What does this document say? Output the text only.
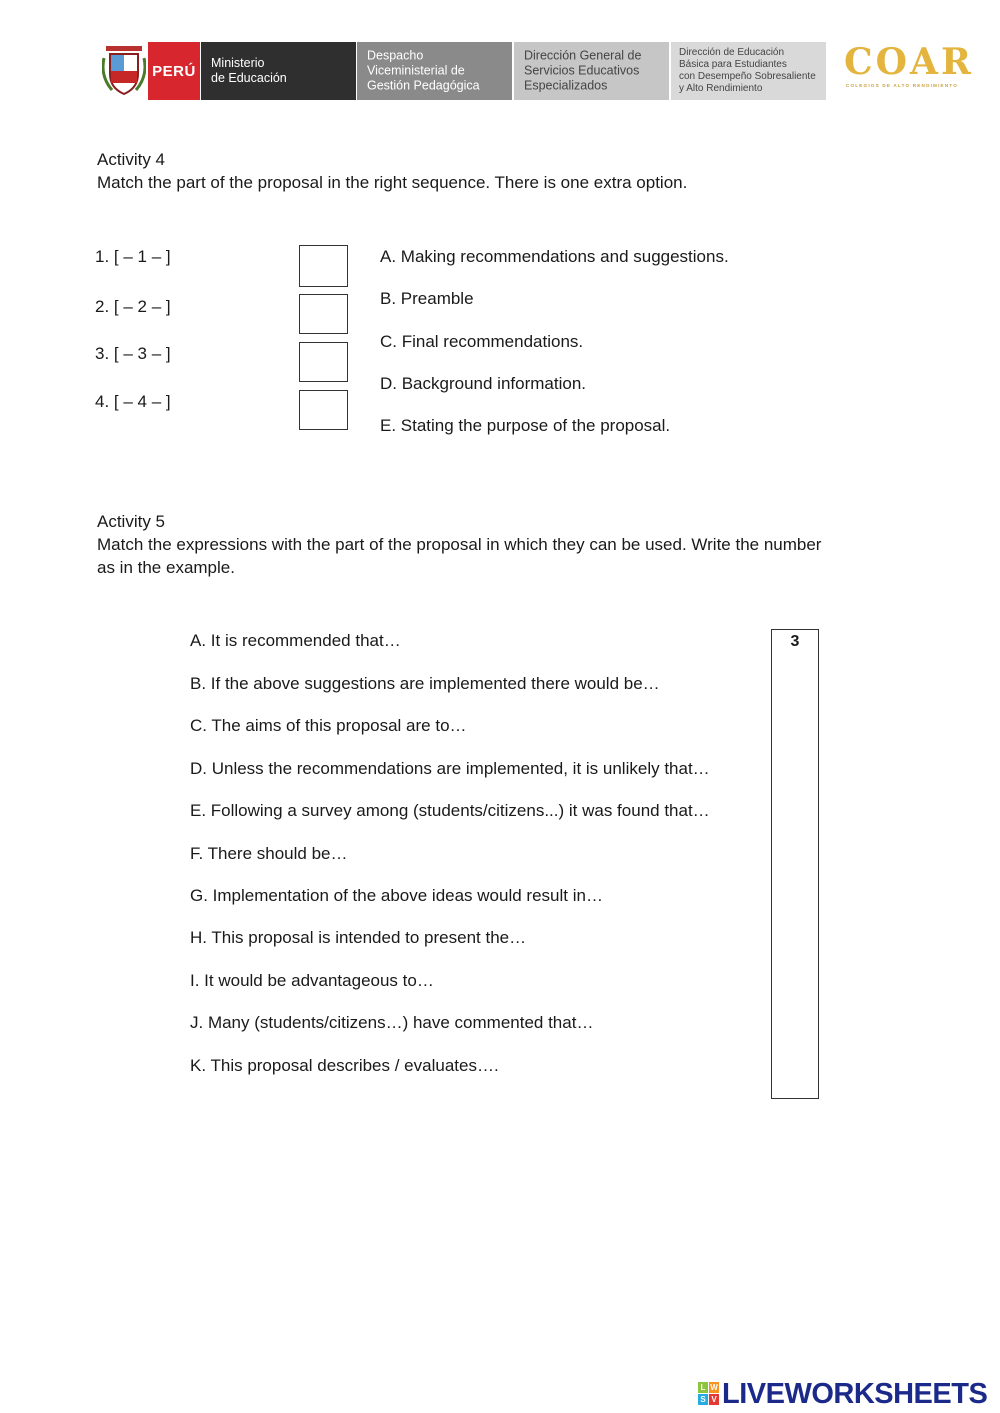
PERÚ	Ministerio
de Educación
Despacho
Viceministerial de
Gestión Pedagógica
Dirección General de
Servicios Educativos
Especializados
Dirección de Educación
Básica para Estudiantes
con Desempeño Sobresaliente
y Alto Rendimiento
COAR
COLEGIOS DE ALTO RENDIMIENTO
Activity 4
Match the part of the proposal in the right sequence. There is one extra option.
1. [ – 1 – ]
2. [ – 2 – ]
3. [ – 3 – ]
4. [ – 4 – ]
A. Making recommendations and suggestions.
B. Preamble
C. Final recommendations.
D. Background information.
E. Stating the purpose of the proposal.
Activity 5
Match the expressions with the part of the proposal in which they can be used. Write the number
as in the example.
A. It is recommended that…
B. If the above suggestions are implemented there would be…
C. The aims of this proposal are to…
D. Unless the recommendations are implemented, it is unlikely that…
E. Following a survey among (students/citizens...) it was found that…
F. There should be…
G. Implementation of the above ideas would result in…
H. This proposal is intended to present the…
I. It would be advantageous to…
J. Many (students/citizens…) have commented that…
K. This proposal describes / evaluates….
3
L W
S V LIVEWORKSHEETS
